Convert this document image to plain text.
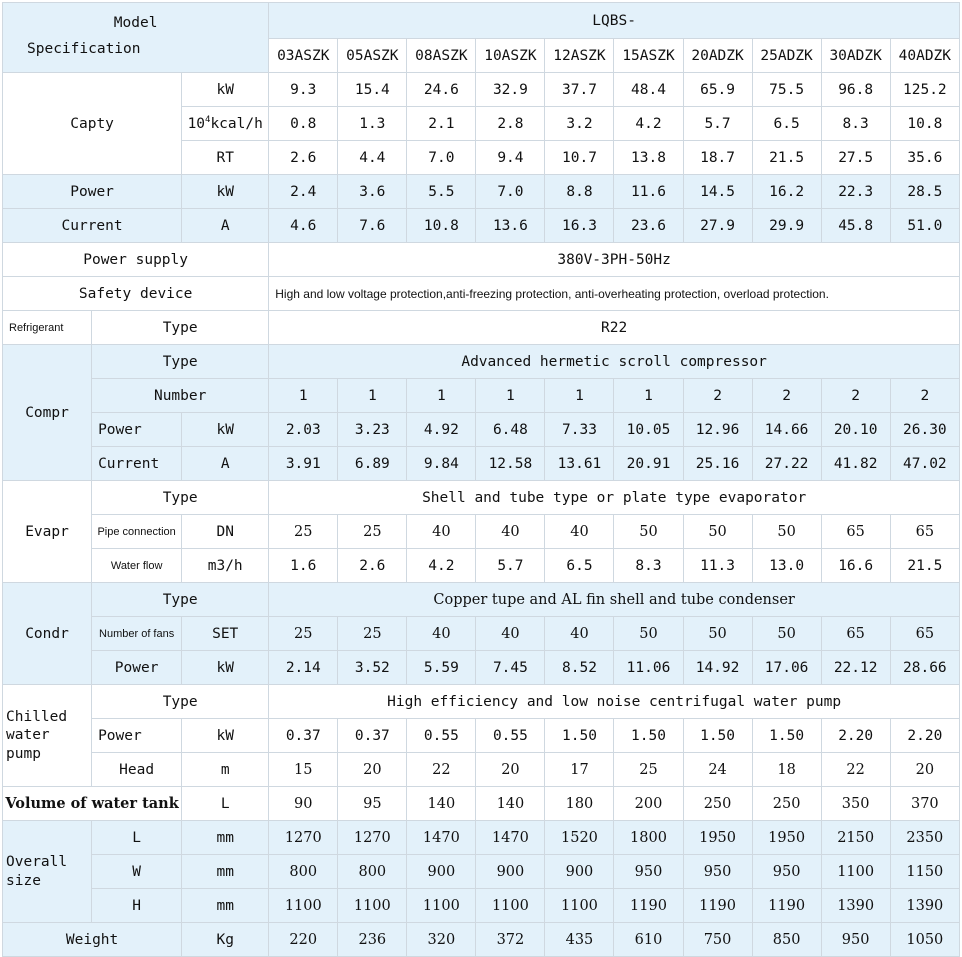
Model
Specification			LQBS-									
			03ASZK	05ASZK	08ASZK	10ASZK	12ASZK	15ASZK	20ADZK	25ADZK	30ADZK	40ADZK
Capty		kW	9.3	15.4	24.6	32.9	37.7	48.4	65.9	75.5	96.8	125.2
		$10^4kcal/h$	0.8	1.3	2.1	2.8	3.2	4.2	5.7	6.5	8.3	10.8
		RT	2.6	4.4	7.0	9.4	10.7	13.8	18.7	21.5	27.5	35.6
Power		kW	2.4	3.6	5.5	7.0	8.8	11.6	14.5	16.2	22.3	28.5
Current		A	4.6	7.6	10.8	13.6	16.3	23.6	27.9	29.9	45.8	51.0
Power supply			380V-3PH-50Hz									
Safety device			High and low voltage protection,anti-freezing protection, anti-overheating protection, overload protection.									
Refrigerant	Type		R22									
Compr	Type		Advanced hermetic scroll compressor									
	Number		1	1	1	1	1	1	2	2	2	2
	Power	kW	2.03	3.23	4.92	6.48	7.33	10.05	12.96	14.66	20.10	26.30
	Current	A	3.91	6.89	9.84	12.58	13.61	20.91	25.16	27.22	41.82	47.02
Evapr	Type		Shell and tube type or plate type evaporator									
	Pipe connection	DN	25	25	40	40	40	50	50	50	65	65
	Water flow	m3/h	1.6	2.6	4.2	5.7	6.5	8.3	11.3	13.0	16.6	21.5
Condr	Type		Copper tupe and AL fin shell and tube condenser									
	Number of fans	SET	25	25	40	40	40	50	50	50	65	65
	Power	kW	2.14	3.52	5.59	7.45	8.52	11.06	14.92	17.06	22.12	28.66
Chilled water pump	Type		High efficiency and low noise centrifugal water pump									
	Power	kW	0.37	0.37	0.55	0.55	1.50	1.50	1.50	1.50	2.20	2.20
	Head	m	15	20	22	20	17	25	24	18	22	20
Volume of water tank		L	90	95	140	140	180	200	250	250	350	370
Overall size	L	mm	1270	1270	1470	1470	1520	1800	1950	1950	2150	2350
	W	mm	800	800	900	900	900	950	950	950	1100	1150
	H	mm	1100	1100	1100	1100	1100	1190	1190	1190	1390	1390
Weight		Kg	220	236	320	372	435	610	750	850	950	1050
